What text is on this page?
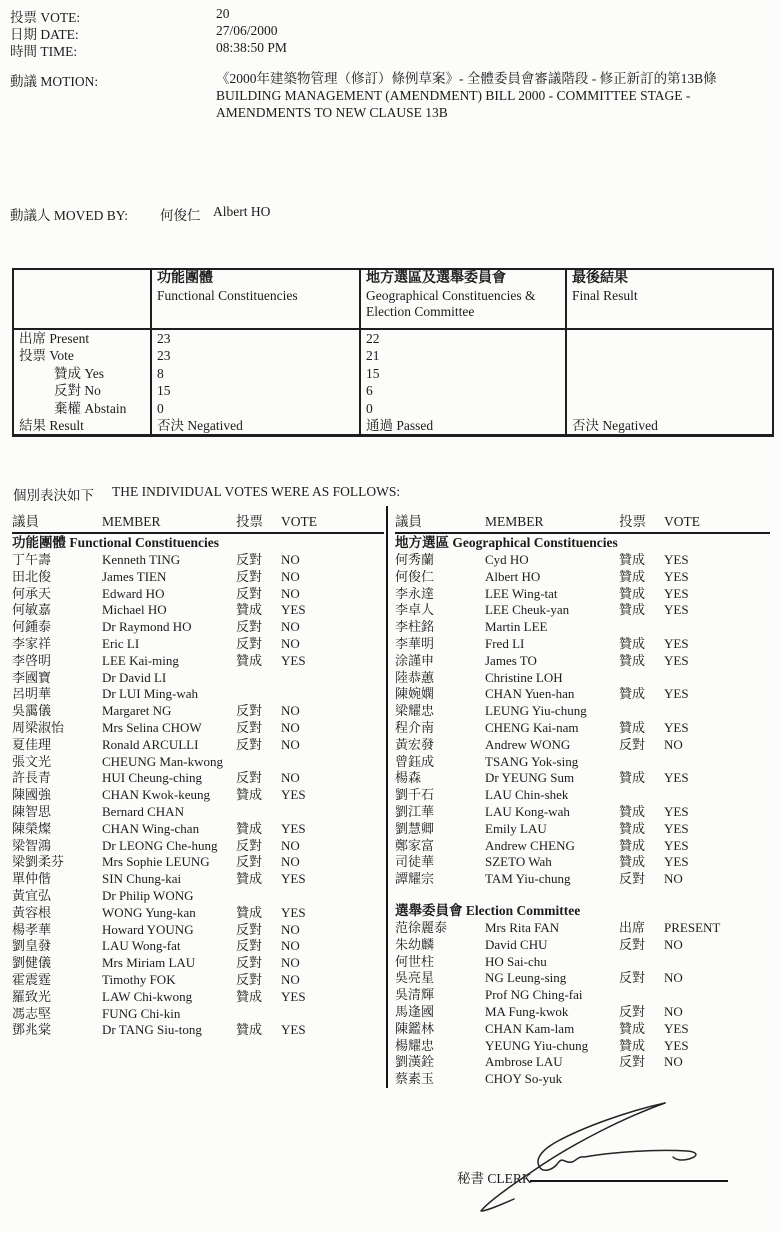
投票 VOTE:	20
日期 DATE:	27/06/2000
時間 TIME:	08:38:50 PM
動議 MOTION:	《2000年建築物管理（修訂）條例草案》- 全體委員會審議階段 - 修正新訂的第13B條
BUILDING MANAGEMENT (AMENDMENT) BILL 2000 - COMMITTEE STAGE -
AMENDMENTS TO NEW CLAUSE 13B
動議人 MOVED BY: 何俊仁 Albert HO

功能團體
Functional Constituencies

地方選區及選舉委員會
Geographical Constituencies & Election Committee

最後結果
Final Result

出席 Present	23	22	
投票 Vote	23	21	
贊成 Yes	8	15	
反對 No	15	6	
棄權 Abstain	0	0	
結果 Result	否決 Negatived	通過 Passed	否決 Negatived
個別表決如下 THE INDIVIDUAL VOTES WERE AS FOLLOWS:
議員	MEMBER	投票	VOTE
功能團體 Functional Constituencies
丁午壽	Kenneth TING	反對	NO
田北俊	James TIEN	反對	NO
何承天	Edward HO	反對	NO
何敏嘉	Michael HO	贊成	YES
何鍾泰	Dr Raymond HO	反對	NO
李家祥	Eric LI	反對	NO
李啓明	LEE Kai-ming	贊成	YES
李國寶	Dr David LI
呂明華	Dr LUI Ming-wah
吳靄儀	Margaret NG	反對	NO
周梁淑怡	Mrs Selina CHOW	反對	NO
夏佳理	Ronald ARCULLI	反對	NO
張文光	CHEUNG Man-kwong
許長青	HUI Cheung-ching	反對	NO
陳國強	CHAN Kwok-keung	贊成	YES
陳智思	Bernard CHAN
陳榮燦	CHAN Wing-chan	贊成	YES
梁智鴻	Dr LEONG Che-hung	反對	NO
梁劉柔芬	Mrs Sophie LEUNG	反對	NO
單仲偕	SIN Chung-kai	贊成	YES
黃宜弘	Dr Philip WONG
黃容根	WONG Yung-kan	贊成	YES
楊孝華	Howard YOUNG	反對	NO
劉皇發	LAU Wong-fat	反對	NO
劉健儀	Mrs Miriam LAU	反對	NO
霍震霆	Timothy FOK	反對	NO
羅致光	LAW Chi-kwong	贊成	YES
馮志堅	FUNG Chi-kin
鄧兆棠	Dr TANG Siu-tong	贊成	YES
議員	MEMBER	投票	VOTE
地方選區 Geographical Constituencies
何秀蘭	Cyd HO	贊成	YES
何俊仁	Albert HO	贊成	YES
李永達	LEE Wing-tat	贊成	YES
李卓人	LEE Cheuk-yan	贊成	YES
李柱銘	Martin LEE
李華明	Fred LI	贊成	YES
涂謹申	James TO	贊成	YES
陸恭蕙	Christine LOH
陳婉嫻	CHAN Yuen-han	贊成	YES
梁耀忠	LEUNG Yiu-chung
程介南	CHENG Kai-nam	贊成	YES
黃宏發	Andrew WONG	反對	NO
曾鈺成	TSANG Yok-sing
楊森	Dr YEUNG Sum	贊成	YES
劉千石	LAU Chin-shek
劉江華	LAU Kong-wah	贊成	YES
劉慧卿	Emily LAU	贊成	YES
鄭家富	Andrew CHENG	贊成	YES
司徒華	SZETO Wah	贊成	YES
譚耀宗	TAM Yiu-chung	反對	NO
選舉委員會 Election Committee
范徐麗泰	Mrs Rita FAN	出席	PRESENT
朱幼麟	David CHU	反對	NO
何世柱	HO Sai-chu
吳亮星	NG Leung-sing	反對	NO
吳清輝	Prof NG Ching-fai
馬逢國	MA Fung-kwok	反對	NO
陳鑑林	CHAN Kam-lam	贊成	YES
楊耀忠	YEUNG Yiu-chung	贊成	YES
劉漢銓	Ambrose LAU	反對	NO
蔡素玉	CHOY So-yuk
秘書 CLERK
